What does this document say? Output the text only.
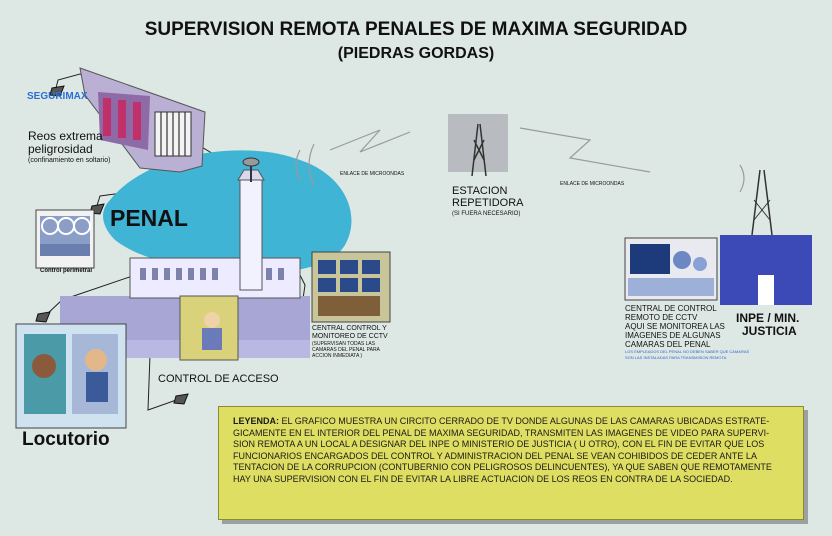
SUPERVISION REMOTA PENALES DE MAXIMA SEGURIDAD
(PIEDRAS GORDAS)
SEGURIMAX
Reos extrema
peligrosidad
(confinamiento en soltario)
PENAL
Control perimetral
Locutorio
CONTROL DE ACCESO
CENTRAL CONTROL Y
MONITOREO DE CCTV
(SUPERVISAN TODAS LAS
CAMARAS DEL PENAL PARA
ACCION INMEDIATA )
ENLACE DE MICROONDAS
ENLACE DE MICROONDAS
ESTACION
REPETIDORA
(SI FUERA NECESARIO)
CENTRAL DE CONTROL
REMOTO DE CCTV
AQUI SE MONITOREA LAS
IMAGENES DE ALGUNAS
CAMARAS DEL PENAL
LOS EMPLEADOS DEL PENAL NO DEBEN SABER QUE CAMARAS
SON LAS INSTALADAS PARA TRANSMISION REMOTA
INPE / MIN.
JUSTICIA
LEYENDA: EL GRAFICO MUESTRA UN CIRCITO CERRADO DE TV DONDE ALGUNAS DE LAS CAMARAS UBICADAS ESTRATE-
GICAMENTE EN EL INTERIOR DEL PENAL DE MAXIMA SEGURIDAD, TRANSMITEN LAS IMAGENES DE VIDEO PARA SUPERVI-
SION REMOTA A UN LOCAL A DESIGNAR DEL INPE O MINISTERIO DE JUSTICIA ( U OTRO), CON EL FIN DE EVITAR QUE LOS
FUNCIONARIOS ENCARGADOS DEL CONTROL Y ADMINISTRACION DEL PENAL SE VEAN COHIBIDOS DE CEDER ANTE LA
TENTACION DE LA CORRUPCION (CONTUBERNIO CON PELIGROSOS DELINCUENTES), YA QUE SABEN QUE REMOTAMENTE
HAY UNA SUPERVISION CON EL FIN DE EVITAR LA LIBRE ACTUACION DE LOS REOS EN CONTRA DE LA SOCIEDAD.
